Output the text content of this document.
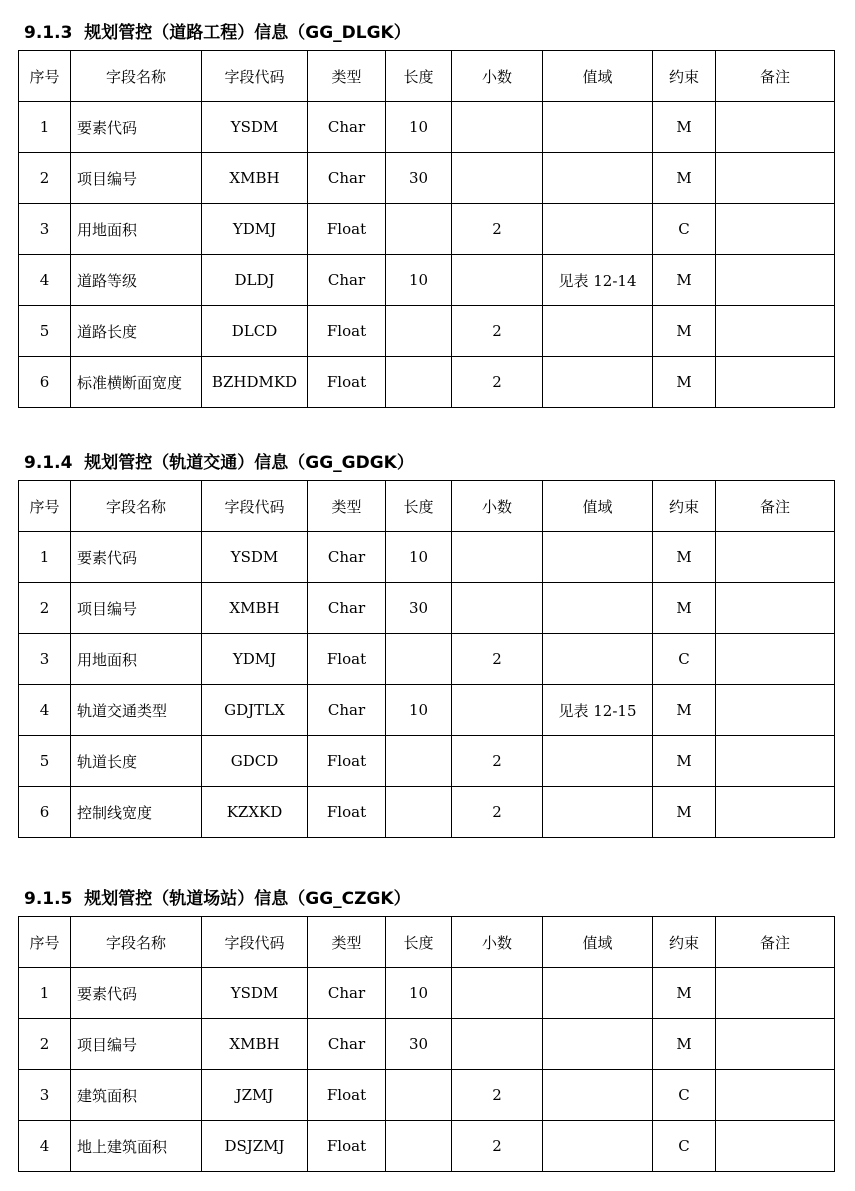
9.1.3 规划管控（道路工程）信息（GG_DLGK）
序号	字段名称	字段代码	类型	长度	小数	值域	约束	备注
1	要素代码	YSDM	Char	10			M	
2	项目编号	XMBH	Char	30			M	
3	用地面积	YDMJ	Float		2		C	
4	道路等级	DLDJ	Char	10		见表 12-14	M	
5	道路长度	DLCD	Float		2		M	
6	标准横断面宽度	BZHDMKD	Float		2		M	
9.1.4 规划管控（轨道交通）信息（GG_GDGK）
序号	字段名称	字段代码	类型	长度	小数	值域	约束	备注
1	要素代码	YSDM	Char	10			M	
2	项目编号	XMBH	Char	30			M	
3	用地面积	YDMJ	Float		2		C	
4	轨道交通类型	GDJTLX	Char	10		见表 12-15	M	
5	轨道长度	GDCD	Float		2		M	
6	控制线宽度	KZXKD	Float		2		M	
9.1.5 规划管控（轨道场站）信息（GG_CZGK）
序号	字段名称	字段代码	类型	长度	小数	值域	约束	备注
1	要素代码	YSDM	Char	10			M	
2	项目编号	XMBH	Char	30			M	
3	建筑面积	JZMJ	Float		2		C	
4	地上建筑面积	DSJZMJ	Float		2		C	
